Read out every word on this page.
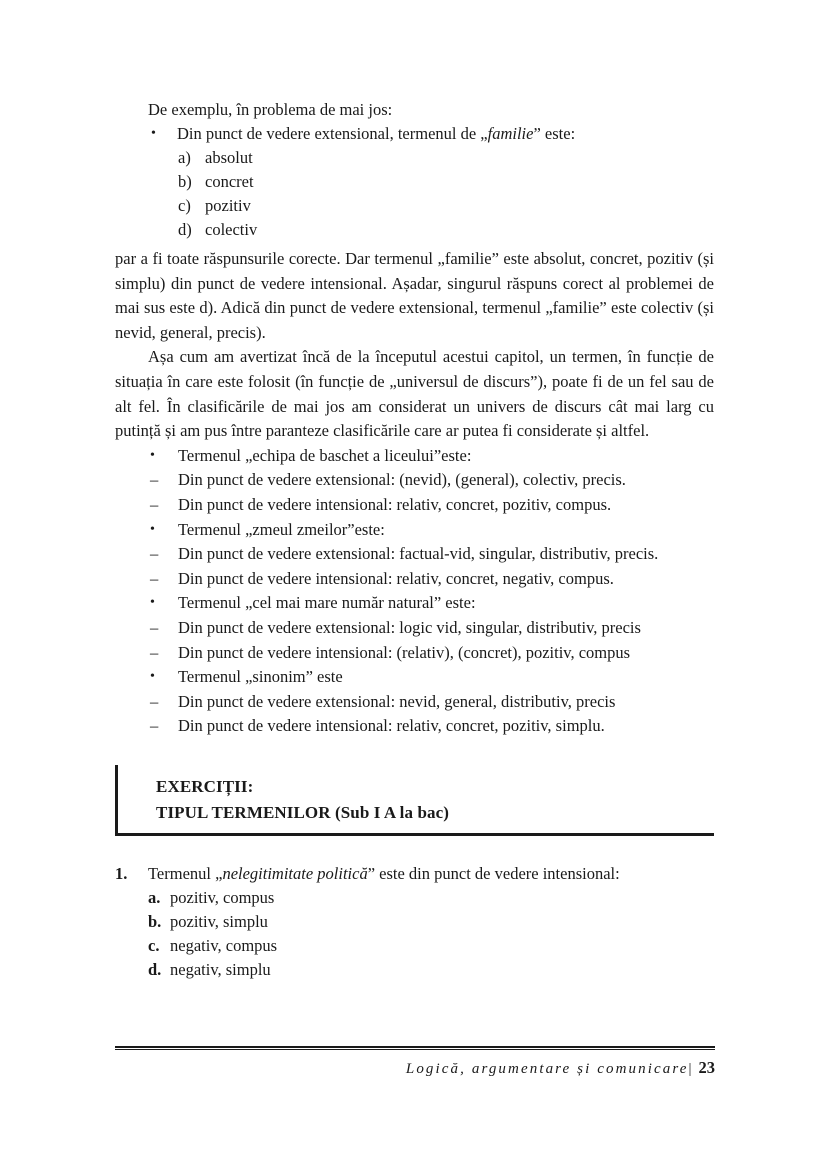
De exemplu, în problema de mai jos:

• Din punct de vedere extensional, termenul de „familie” este:
a) absolut
b) concret
c) pozitiv
d) colectiv

par a fi toate răspunsurile corecte. Dar termenul „familie” este absolut, concret, pozitiv (și simplu) din punct de vedere intensional. Așadar, singurul răspuns corect al problemei de mai sus este d). Adică din punct de vedere extensional, termenul „familie” este colectiv (și nevid, general, precis).

Așa cum am avertizat încă de la începutul acestui capitol, un termen, în funcție de situația în care este folosit (în funcție de „universul de discurs”), poate fi de un fel sau de alt fel. În clasificările de mai jos am considerat un univers de discurs cât mai larg cu putință și am pus între paranteze clasificările care ar putea fi considerate și altfel.

•	Termenul „echipa de baschet a liceului”este:
–	Din punct de vedere extensional: (nevid), (general), colectiv, precis.
–	Din punct de vedere intensional: relativ, concret, pozitiv, compus.
•	Termenul „zmeul zmeilor”este:
–	Din punct de vedere extensional: factual-vid, singular, distributiv, precis.
–	Din punct de vedere intensional: relativ, concret, negativ, compus.
•	Termenul „cel mai mare număr natural” este:
–	Din punct de vedere extensional: logic vid, singular, distributiv, precis
–	Din punct de vedere intensional: (relativ), (concret), pozitiv, compus
•	Termenul „sinonim” este
–	Din punct de vedere extensional: nevid, general, distributiv, precis
–	Din punct de vedere intensional: relativ, concret, pozitiv, simplu.
EXERCIȚII:
TIPUL TERMENILOR (Sub I A la bac)
1.	Termenul „nelegitimitate politică” este din punct de vedere intensional:
a. pozitiv, compus
b. pozitiv, simplu
c. negativ, compus
d. negativ, simplu
Logică, argumentare și comunicare| 23
